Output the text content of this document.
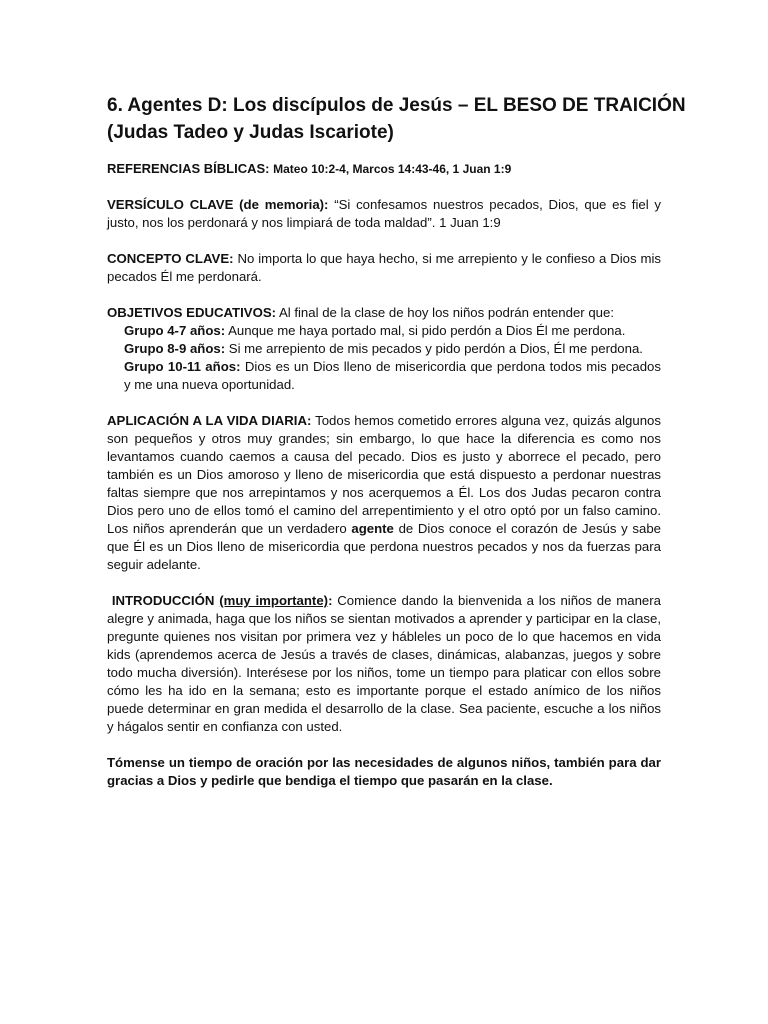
6. Agentes D: Los discípulos de Jesús – EL BESO DE TRAICIÓN
(Judas Tadeo y Judas Iscariote)

REFERENCIAS BÍBLICAS: Mateo 10:2-4, Marcos 14:43-46, 1 Juan 1:9

VERSÍCULO CLAVE (de memoria): “Si confesamos nuestros pecados, Dios, que es fiel y justo, nos los perdonará y nos limpiará de toda maldad”. 1 Juan 1:9

CONCEPTO CLAVE: No importa lo que haya hecho, si me arrepiento y le confieso a Dios mis pecados Él me perdonará.

OBJETIVOS EDUCATIVOS: Al final de la clase de hoy los niños podrán entender que:

Grupo 4-7 años: Aunque me haya portado mal, si pido perdón a Dios Él me perdona.
Grupo 8-9 años: Si me arrepiento de mis pecados y pido perdón a Dios, Él me perdona.
Grupo 10-11 años: Dios es un Dios lleno de misericordia que perdona todos mis pecados y me una nueva oportunidad.

APLICACIÓN A LA VIDA DIARIA: Todos hemos cometido errores alguna vez, quizás algunos son pequeños y otros muy grandes; sin embargo, lo que hace la diferencia es como nos levantamos cuando caemos a causa del pecado. Dios es justo y aborrece el pecado, pero también es un Dios amoroso y lleno de misericordia que está dispuesto a perdonar nuestras faltas siempre que nos arrepintamos y nos acerquemos a Él. Los dos Judas pecaron contra Dios pero uno de ellos tomó el camino del arrepentimiento y el otro optó por un falso camino. Los niños aprenderán que un verdadero agente de Dios conoce el corazón de Jesús y sabe que Él es un Dios lleno de misericordia que perdona nuestros pecados y nos da fuerzas para seguir adelante.

INTRODUCCIÓN (muy importante): Comience dando la bienvenida a los niños de manera alegre y animada, haga que los niños se sientan motivados a aprender y participar en la clase, pregunte quienes nos visitan por primera vez y hábleles un poco de lo que hacemos en vida kids (aprendemos acerca de Jesús a través de clases, dinámicas, alabanzas, juegos y sobre todo mucha diversión). Interésese por los niños, tome un tiempo para platicar con ellos sobre cómo les ha ido en la semana; esto es importante porque el estado anímico de los niños puede determinar en gran medida el desarrollo de la clase. Sea paciente, escuche a los niños y hágalos sentir en confianza con usted.

Tómense un tiempo de oración por las necesidades de algunos niños, también para dar gracias a Dios y pedirle que bendiga el tiempo que pasarán en la clase.
